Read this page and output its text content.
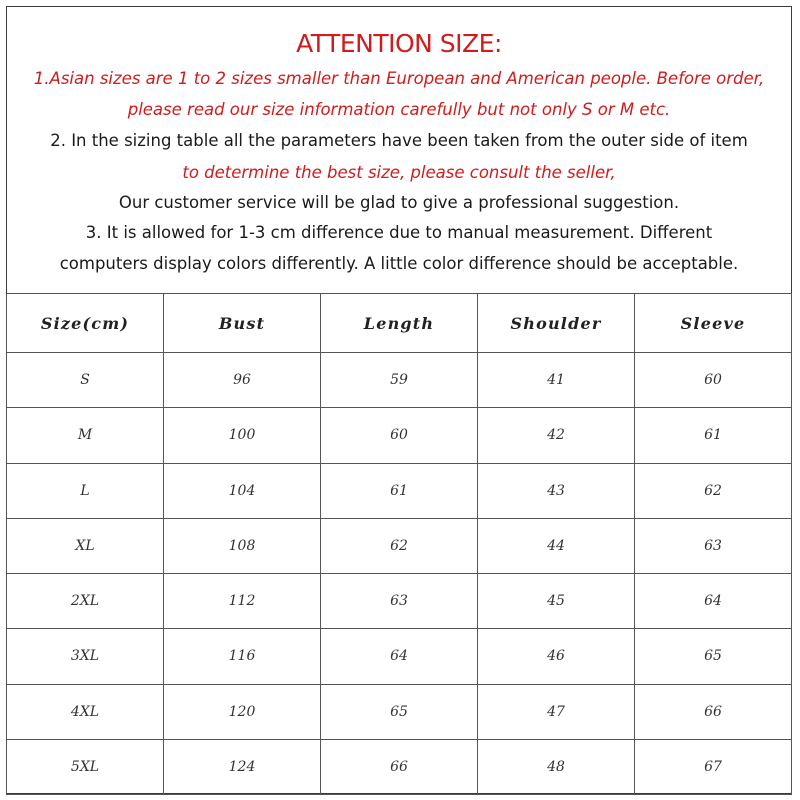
ATTENTION SIZE:
1.Asian sizes are 1 to 2 sizes smaller than European and American people. Before order,
please read our size information carefully but not only S or M etc.
2. In the sizing table all the parameters have been taken from the outer side of item
to determine the best size, please consult the seller,
Our customer service will be glad to give a professional suggestion.
3. It is allowed for 1-3 cm difference due to manual measurement. Different
computers display colors differently. A little color difference should be acceptable.
Size(cm)	Bust	Length	Shoulder	Sleeve
S	96	59	41	60
M	100	60	42	61
L	104	61	43	62
XL	108	62	44	63
2XL	112	63	45	64
3XL	116	64	46	65
4XL	120	65	47	66
5XL	124	66	48	67
